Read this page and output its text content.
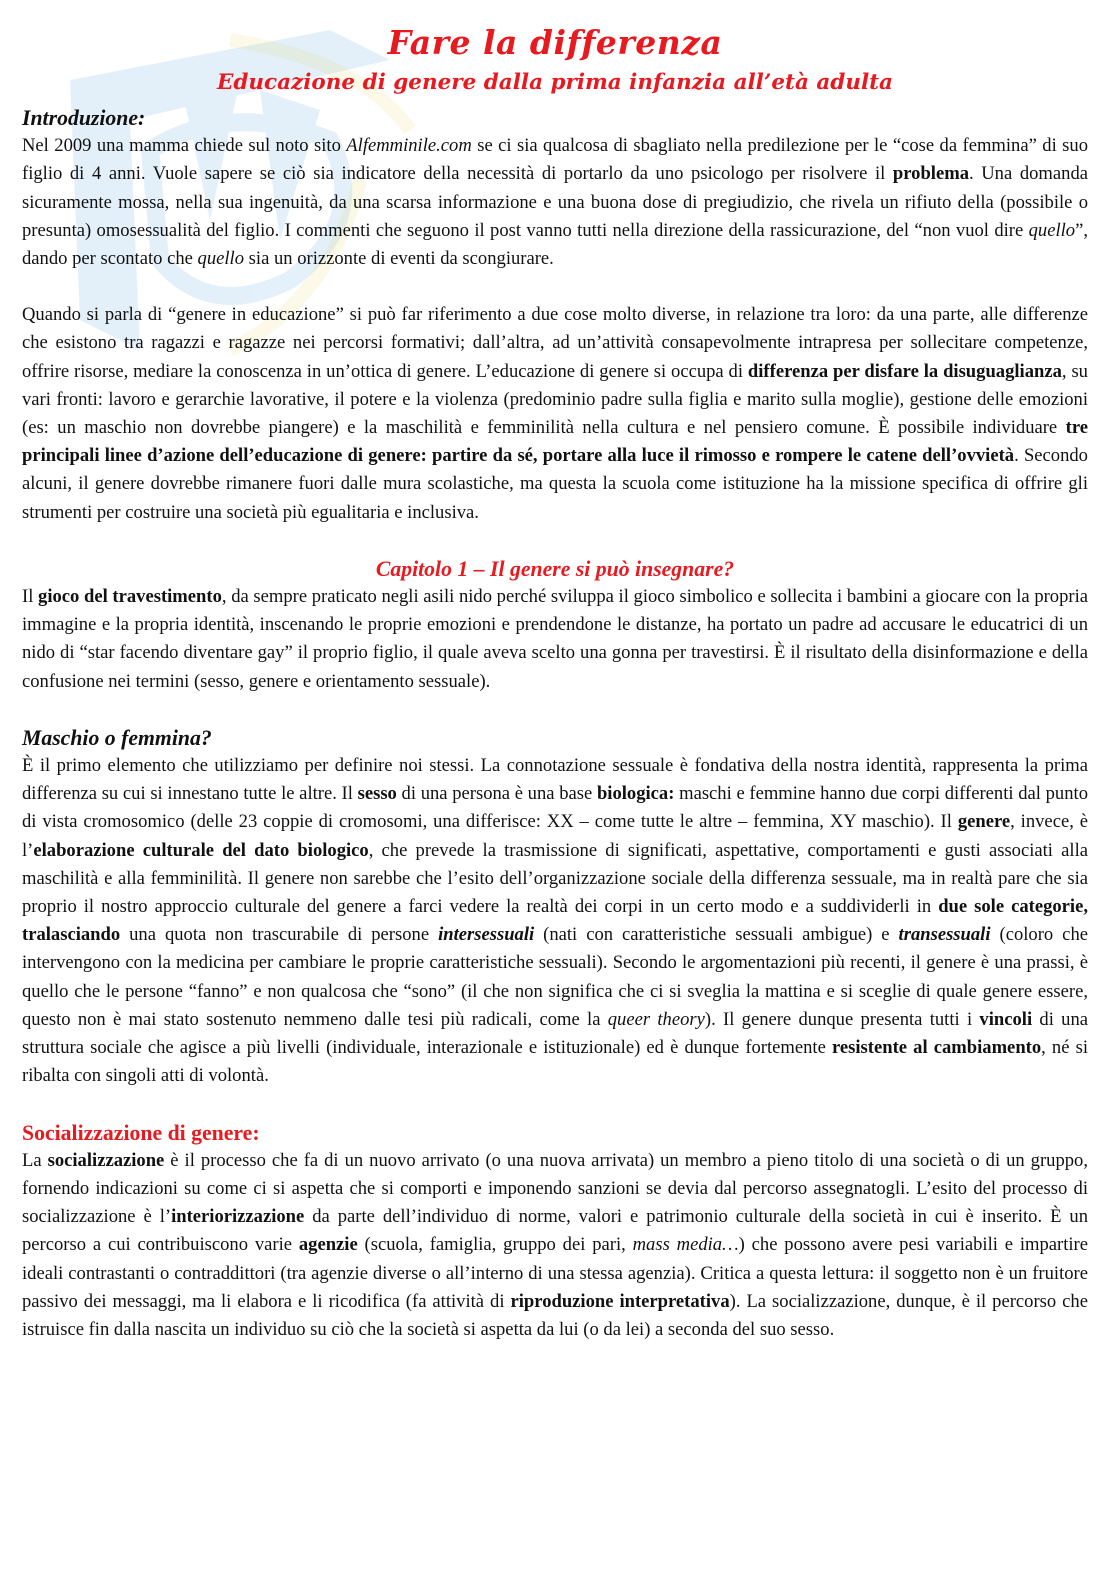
Fare la differenza
Educazione di genere dalla prima infanzia all’età adulta
Introduzione:

Nel 2009 una mamma chiede sul noto sito Alfemminile.com se ci sia qualcosa di sbagliato nella predilezione per le “cose da femmina” di suo figlio di 4 anni. Vuole sapere se ciò sia indicatore della necessità di portarlo da uno psicologo per risolvere il problema. Una domanda sicuramente mossa, nella sua ingenuità, da una scarsa informazione e una buona dose di pregiudizio, che rivela un rifiuto della (possibile o presunta) omosessualità del figlio. I commenti che seguono il post vanno tutti nella direzione della rassicurazione, del “non vuol dire quello”, dando per scontato che quello sia un orizzonte di eventi da scongiurare.

Quando si parla di “genere in educazione” si può far riferimento a due cose molto diverse, in relazione tra loro: da una parte, alle differenze che esistono tra ragazzi e ragazze nei percorsi formativi; dall’altra, ad un’attività consapevolmente intrapresa per sollecitare competenze, offrire risorse, mediare la conoscenza in un’ottica di genere. L’educazione di genere si occupa di differenza per disfare la disuguaglianza, su vari fronti: lavoro e gerarchie lavorative, il potere e la violenza (predominio padre sulla figlia e marito sulla moglie), gestione delle emozioni (es: un maschio non dovrebbe piangere) e la maschilità e femminilità nella cultura e nel pensiero comune. È possibile individuare tre principali linee d’azione dell’educazione di genere: partire da sé, portare alla luce il rimosso e rompere le catene dell’ovvietà. Secondo alcuni, il genere dovrebbe rimanere fuori dalle mura scolastiche, ma questa la scuola come istituzione ha la missione specifica di offrire gli strumenti per costruire una società più egualitaria e inclusiva.

Capitolo 1 – Il genere si può insegnare?

Il gioco del travestimento, da sempre praticato negli asili nido perché sviluppa il gioco simbolico e sollecita i bambini a giocare con la propria immagine e la propria identità, inscenando le proprie emozioni e prendendone le distanze, ha portato un padre ad accusare le educatrici di un nido di “star facendo diventare gay” il proprio figlio, il quale aveva scelto una gonna per travestirsi. È il risultato della disinformazione e della confusione nei termini (sesso, genere e orientamento sessuale).

Maschio o femmina?

È il primo elemento che utilizziamo per definire noi stessi. La connotazione sessuale è fondativa della nostra identità, rappresenta la prima differenza su cui si innestano tutte le altre. Il sesso di una persona è una base biologica: maschi e femmine hanno due corpi differenti dal punto di vista cromosomico (delle 23 coppie di cromosomi, una differisce: XX – come tutte le altre – femmina, XY maschio). Il genere, invece, è l’elaborazione culturale del dato biologico, che prevede la trasmissione di significati, aspettative, comportamenti e gusti associati alla maschilità e alla femminilità. Il genere non sarebbe che l’esito dell’organizzazione sociale della differenza sessuale, ma in realtà pare che sia proprio il nostro approccio culturale del genere a farci vedere la realtà dei corpi in un certo modo e a suddividerli in due sole categorie, tralasciando una quota non trascurabile di persone intersessuali (nati con caratteristiche sessuali ambigue) e transessuali (coloro che intervengono con la medicina per cambiare le proprie caratteristiche sessuali). Secondo le argomentazioni più recenti, il genere è una prassi, è quello che le persone “fanno” e non qualcosa che “sono” (il che non significa che ci si sveglia la mattina e si sceglie di quale genere essere, questo non è mai stato sostenuto nemmeno dalle tesi più radicali, come la queer theory). Il genere dunque presenta tutti i vincoli di una struttura sociale che agisce a più livelli (individuale, interazionale e istituzionale) ed è dunque fortemente resistente al cambiamento, né si ribalta con singoli atti di volontà.

Socializzazione di genere:

La socializzazione è il processo che fa di un nuovo arrivato (o una nuova arrivata) un membro a pieno titolo di una società o di un gruppo, fornendo indicazioni su come ci si aspetta che si comporti e imponendo sanzioni se devia dal percorso assegnatogli. L’esito del processo di socializzazione è l’interiorizzazione da parte dell’individuo di norme, valori e patrimonio culturale della società in cui è inserito. È un percorso a cui contribuiscono varie agenzie (scuola, famiglia, gruppo dei pari, mass media…) che possono avere pesi variabili e impartire ideali contrastanti o contraddittori (tra agenzie diverse o all’interno di una stessa agenzia). Critica a questa lettura: il soggetto non è un fruitore passivo dei messaggi, ma li elabora e li ricodifica (fa attività di riproduzione interpretativa). La socializzazione, dunque, è il percorso che istruisce fin dalla nascita un individuo su ciò che la società si aspetta da lui (o da lei) a seconda del suo sesso.
